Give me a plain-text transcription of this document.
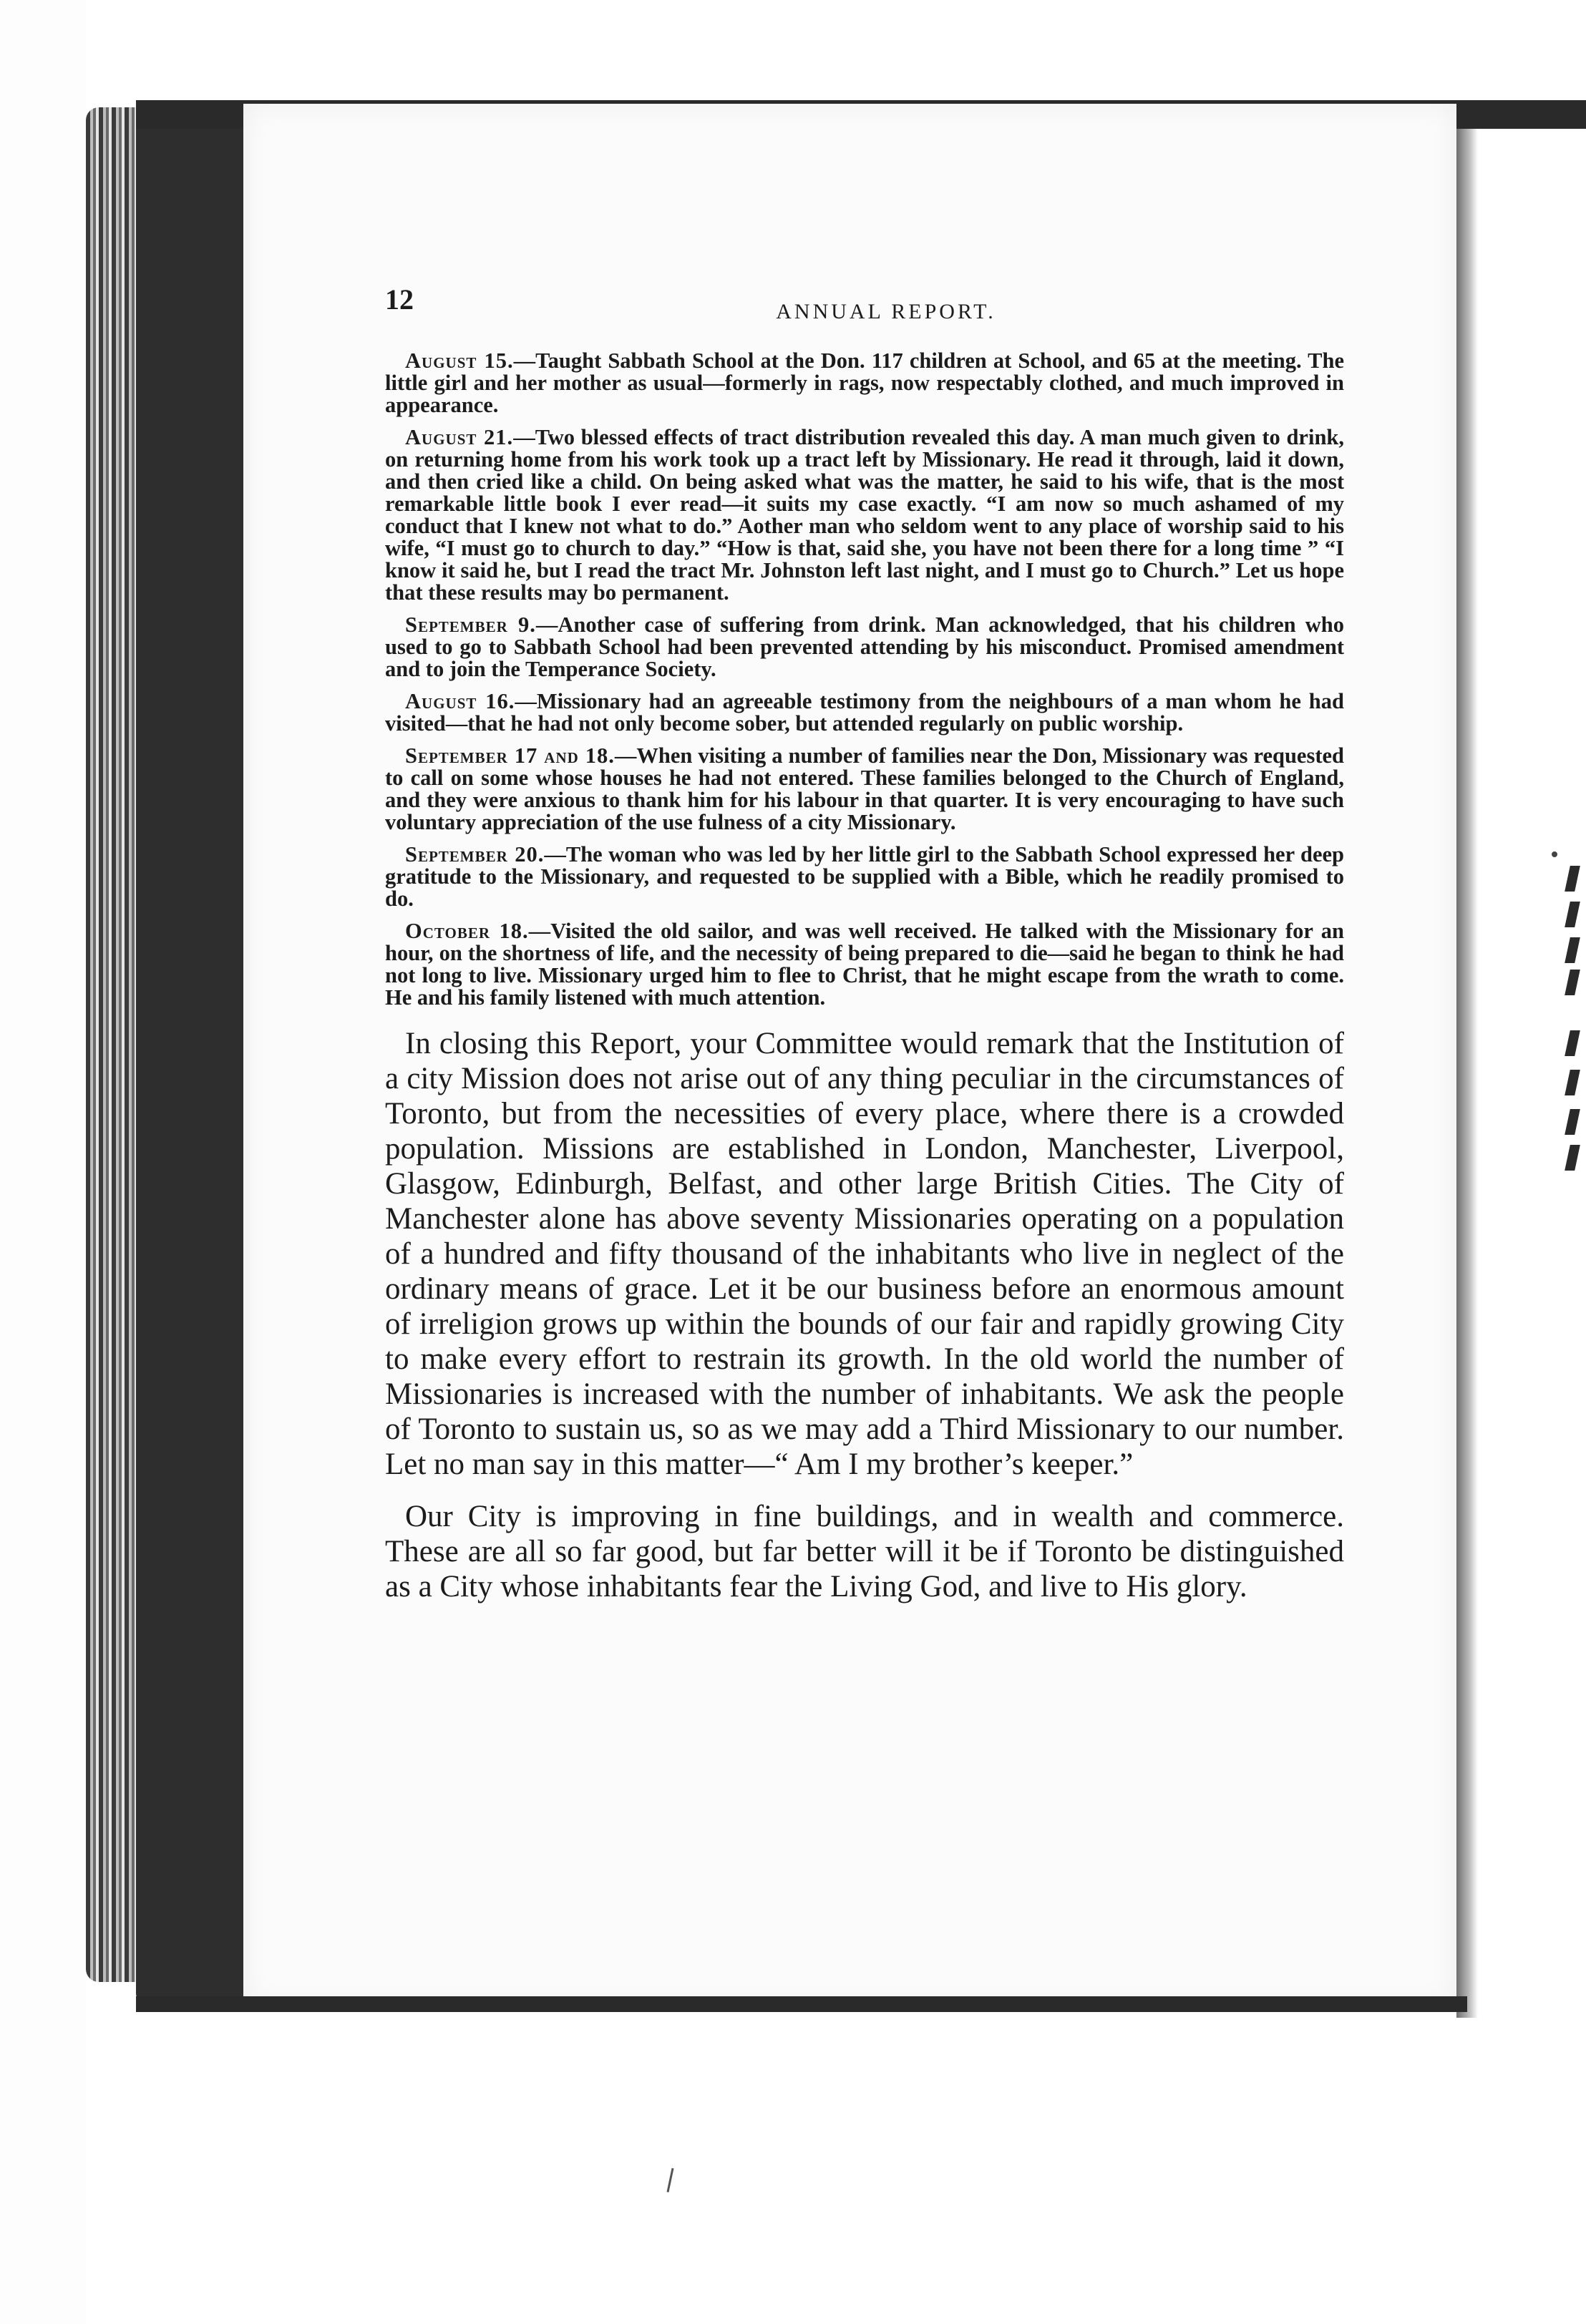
12	ANNUAL REPORT.

August 15.—Taught Sabbath School at the Don. 117 children at School, and 65 at the meeting. The little girl and her mother as usual—formerly in rags, now respectably clothed, and much improved in appearance.

August 21.—Two blessed effects of tract distribution revealed this day. A man much given to drink, on returning home from his work took up a tract left by Missionary. He read it through, laid it down, and then cried like a child. On being asked what was the matter, he said to his wife, that is the most remarkable little book I ever read—it suits my case exactly. “I am now so much ashamed of my conduct that I knew not what to do.” Aother man who seldom went to any place of worship said to his wife, “I must go to church to day.” “How is that, said she, you have not been there for a long time ” “I know it said he, but I read the tract Mr. Johnston left last night, and I must go to Church.” Let us hope that these results may bo permanent.

September 9.—Another case of suffering from drink. Man acknowledged, that his children who used to go to Sabbath School had been prevented attending by his misconduct. Promised amendment and to join the Temperance Society.

August 16.—Missionary had an agreeable testimony from the neighbours of a man whom he had visited—that he had not only become sober, but attended regularly on public worship.

September 17 and 18.—When visiting a number of families near the Don, Missionary was requested to call on some whose houses he had not entered. These families belonged to the Church of England, and they were anxious to thank him for his labour in that quarter. It is very encouraging to have such voluntary appreciation of the use fulness of a city Missionary.

September 20.—The woman who was led by her little girl to the Sabbath School expressed her deep gratitude to the Missionary, and requested to be supplied with a Bible, which he readily promised to do.

October 18.—Visited the old sailor, and was well received. He talked with the Missionary for an hour, on the shortness of life, and the necessity of being prepared to die—said he began to think he had not long to live. Missionary urged him to flee to Christ, that he might escape from the wrath to come. He and his family listened with much attention.

In closing this Report, your Committee would remark that the Institution of a city Mission does not arise out of any thing peculiar in the circumstances of Toronto, but from the necessities of every place, where there is a crowded population. Missions are established in London, Manchester, Liverpool, Glasgow, Edinburgh, Belfast, and other large British Cities. The City of Manchester alone has above seventy Missionaries operating on a population of a hundred and fifty thousand of the inhabitants who live in neglect of the ordinary means of grace. Let it be our business before an enormous amount of irreligion grows up within the bounds of our fair and rapidly growing City to make every effort to restrain its growth. In the old world the number of Missionaries is increased with the number of inhabitants. We ask the people of Toronto to sustain us, so as we may add a Third Missionary to our number. Let no man say in this matter—“ Am I my brother’s keeper.”

Our City is improving in fine buildings, and in wealth and commerce. These are all so far good, but far better will it be if Toronto be distinguished as a City whose inhabitants fear the Living God, and live to His glory.
